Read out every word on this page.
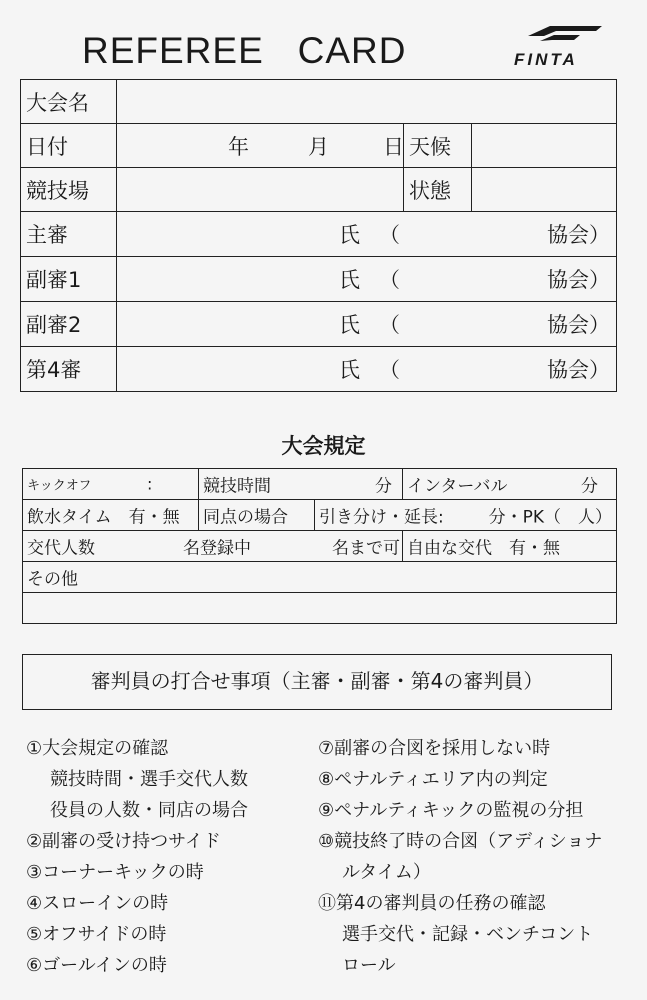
REFEREE   CARD	FINTA
大会名			
日付	年 月 日	天候	
競技場		状態	
主審	氏 （ 協会）		

副審1	氏 （ 協会）		

副審2	氏 （ 協会）		

第4審	氏 （ 協会）		
大会規定
キックオフ :	競技時間 分		インターバル 分

飲水タイム　有・無	同点の場合	引き分け・延長: 分・PK（　人）	

交代人数 名登録中 名まで可			自由な交代　有・無

その他			

審判員の打合せ事項（主審・副審・第4の審判員）
①大会規定の確認
競技時間・選手交代人数
役員の人数・同店の場合
②副審の受け持つサイド
③コーナーキックの時
④スローインの時
⑤オフサイドの時
⑥ゴールインの時
⑦副審の合図を採用しない時
⑧ペナルティエリア内の判定
⑨ペナルティキックの監視の分担
⑩競技終了時の合図（アディショナ
ルタイム）
⑪第4の審判員の任務の確認
選手交代・記録・ベンチコント
ロール
